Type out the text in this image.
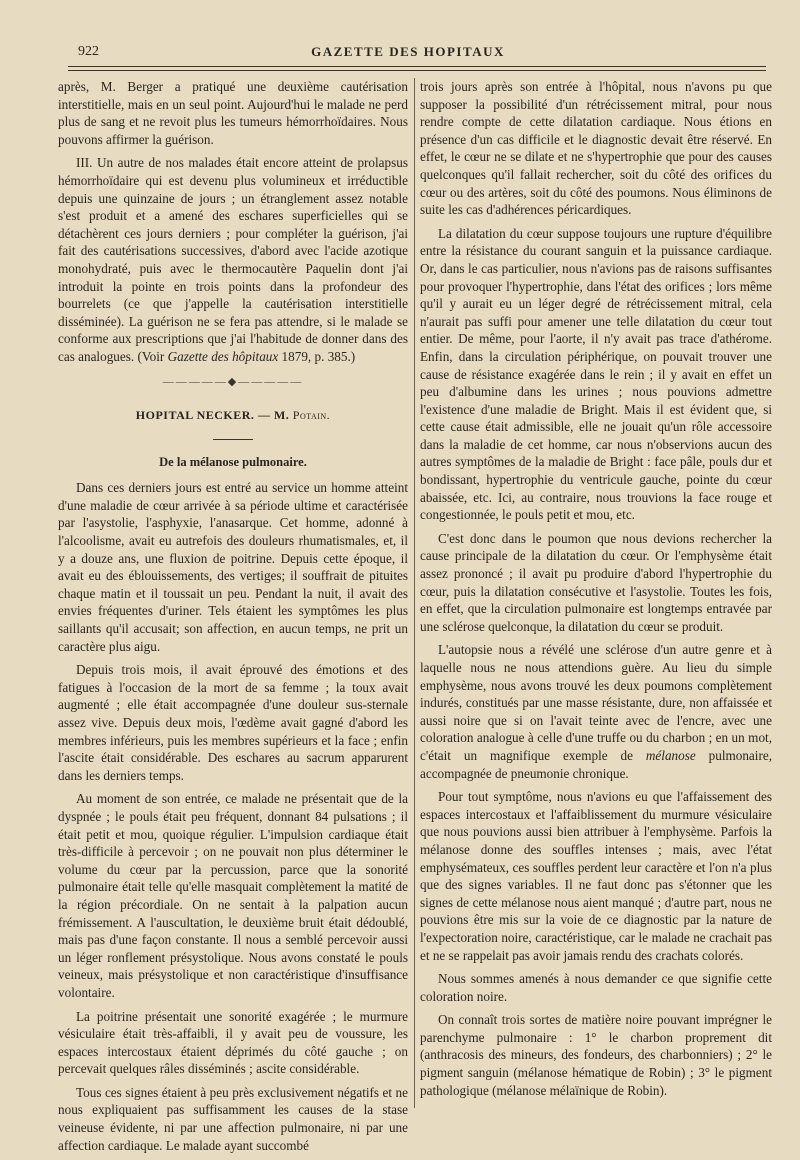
922	GAZETTE DES HOPITAUX

après, M. Berger a pratiqué une deuxième cautérisation interstitielle, mais en un seul point. Aujourd'hui le malade ne perd plus de sang et ne revoit plus les tumeurs hémorrhoïdaires. Nous pouvons affirmer la guérison.

III. Un autre de nos malades était encore atteint de prolapsus hémorrhoïdaire qui est devenu plus volumineux et irréductible depuis une quinzaine de jours ; un étranglement assez notable s'est produit et a amené des eschares superficielles qui se détachèrent ces jours derniers ; pour compléter la guérison, j'ai fait des cautérisations successives, d'abord avec l'acide azotique monohydraté, puis avec le thermocautère Paquelin dont j'ai introduit la pointe en trois points dans la profondeur des bourrelets (ce que j'appelle la cautérisation interstitielle disséminée). La guérison ne se fera pas attendre, si le malade se conforme aux prescriptions que j'ai l'habitude de donner dans des cas analogues. (Voir Gazette des hôpitaux 1879, p. 385.)

—————◆—————
HOPITAL NECKER. — M. Potain.
De la mélanose pulmonaire.

Dans ces derniers jours est entré au service un homme atteint d'une maladie de cœur arrivée à sa période ultime et caractérisée par l'asystolie, l'asphyxie, l'anasarque. Cet homme, adonné à l'alcoolisme, avait eu autrefois des douleurs rhumatismales, et, il y a douze ans, une fluxion de poitrine. Depuis cette époque, il avait eu des éblouissements, des vertiges; il souffrait de pituites chaque matin et il toussait un peu. Pendant la nuit, il avait des envies fréquentes d'uriner. Tels étaient les symptômes les plus saillants qu'il accusait; son affection, en aucun temps, ne prit un caractère plus aigu.

Depuis trois mois, il avait éprouvé des émotions et des fatigues à l'occasion de la mort de sa femme ; la toux avait augmenté ; elle était accompagnée d'une douleur sus-sternale assez vive. Depuis deux mois, l'œdème avait gagné d'abord les membres inférieurs, puis les membres supérieurs et la face ; enfin l'ascite était considérable. Des eschares au sacrum apparurent dans les derniers temps.

Au moment de son entrée, ce malade ne présentait que de la dyspnée ; le pouls était peu fréquent, donnant 84 pulsations ; il était petit et mou, quoique régulier. L'impulsion cardiaque était très-difficile à percevoir ; on ne pouvait non plus déterminer le volume du cœur par la percussion, parce que la sonorité pulmonaire était telle qu'elle masquait complètement la matité de la région précordiale. On ne sentait à la palpation aucun frémissement. A l'auscultation, le deuxième bruit était dédoublé, mais pas d'une façon constante. Il nous a semblé percevoir aussi un léger ronflement présystolique. Nous avons constaté le pouls veineux, mais présystolique et non caractéristique d'insuffisance volontaire.

La poitrine présentait une sonorité exagérée ; le murmure vésiculaire était très-affaibli, il y avait peu de voussure, les espaces intercostaux étaient déprimés du côté gauche ; on percevait quelques râles disséminés ; ascite considérable.

Tous ces signes étaient à peu près exclusivement négatifs et ne nous expliquaient pas suffisamment les causes de la stase veineuse évidente, ni par une affection pulmonaire, ni par une affection cardiaque. Le malade ayant succombé

trois jours après son entrée à l'hôpital, nous n'avons pu que supposer la possibilité d'un rétrécissement mitral, pour nous rendre compte de cette dilatation cardiaque. Nous étions en présence d'un cas difficile et le diagnostic devait être réservé. En effet, le cœur ne se dilate et ne s'hypertrophie que pour des causes quelconques qu'il fallait rechercher, soit du côté des orifices du cœur ou des artères, soit du côté des poumons. Nous éliminons de suite les cas d'adhérences péricardiques.

La dilatation du cœur suppose toujours une rupture d'équilibre entre la résistance du courant sanguin et la puissance cardiaque. Or, dans le cas particulier, nous n'avions pas de raisons suffisantes pour provoquer l'hypertrophie, dans l'état des orifices ; lors même qu'il y aurait eu un léger degré de rétrécissement mitral, cela n'aurait pas suffi pour amener une telle dilatation du cœur tout entier. De même, pour l'aorte, il n'y avait pas trace d'athérome. Enfin, dans la circulation périphérique, on pouvait trouver une cause de résistance exagérée dans le rein ; il y avait en effet un peu d'albumine dans les urines ; nous pouvions admettre l'existence d'une maladie de Bright. Mais il est évident que, si cette cause était admissible, elle ne jouait qu'un rôle accessoire dans la maladie de cet homme, car nous n'observions aucun des autres symptômes de la maladie de Bright : face pâle, pouls dur et bondissant, hypertrophie du ventricule gauche, pointe du cœur abaissée, etc. Ici, au contraire, nous trouvions la face rouge et congestionnée, le pouls petit et mou, etc.

C'est donc dans le poumon que nous devions rechercher la cause principale de la dilatation du cœur. Or l'emphysème était assez prononcé ; il avait pu produire d'abord l'hypertrophie du cœur, puis la dilatation consécutive et l'asystolie. Toutes les fois, en effet, que la circulation pulmonaire est longtemps entravée par une sclérose quelconque, la dilatation du cœur se produit.

L'autopsie nous a révélé une sclérose d'un autre genre et à laquelle nous ne nous attendions guère. Au lieu du simple emphysème, nous avons trouvé les deux poumons complètement indurés, constitués par une masse résistante, dure, non affaissée et aussi noire que si on l'avait teinte avec de l'encre, avec une coloration analogue à celle d'une truffe ou du charbon ; en un mot, c'était un magnifique exemple de mélanose pulmonaire, accompagnée de pneumonie chronique.

Pour tout symptôme, nous n'avions eu que l'affaissement des espaces intercostaux et l'affaiblissement du murmure vésiculaire que nous pouvions aussi bien attribuer à l'emphysème. Parfois la mélanose donne des souffles intenses ; mais, avec l'état emphysémateux, ces souffles perdent leur caractère et l'on n'a plus que des signes variables. Il ne faut donc pas s'étonner que les signes de cette mélanose nous aient manqué ; d'autre part, nous ne pouvions être mis sur la voie de ce diagnostic par la nature de l'expectoration noire, caractéristique, car le malade ne crachait pas et ne se rappelait pas avoir jamais rendu des crachats colorés.

Nous sommes amenés à nous demander ce que signifie cette coloration noire.

On connaît trois sortes de matière noire pouvant imprégner le parenchyme pulmonaire : 1° le charbon proprement dit (anthracosis des mineurs, des fondeurs, des charbonniers) ; 2° le pigment sanguin (mélanose hématique de Robin) ; 3° le pigment pathologique (mélanose mélaïnique de Robin).
